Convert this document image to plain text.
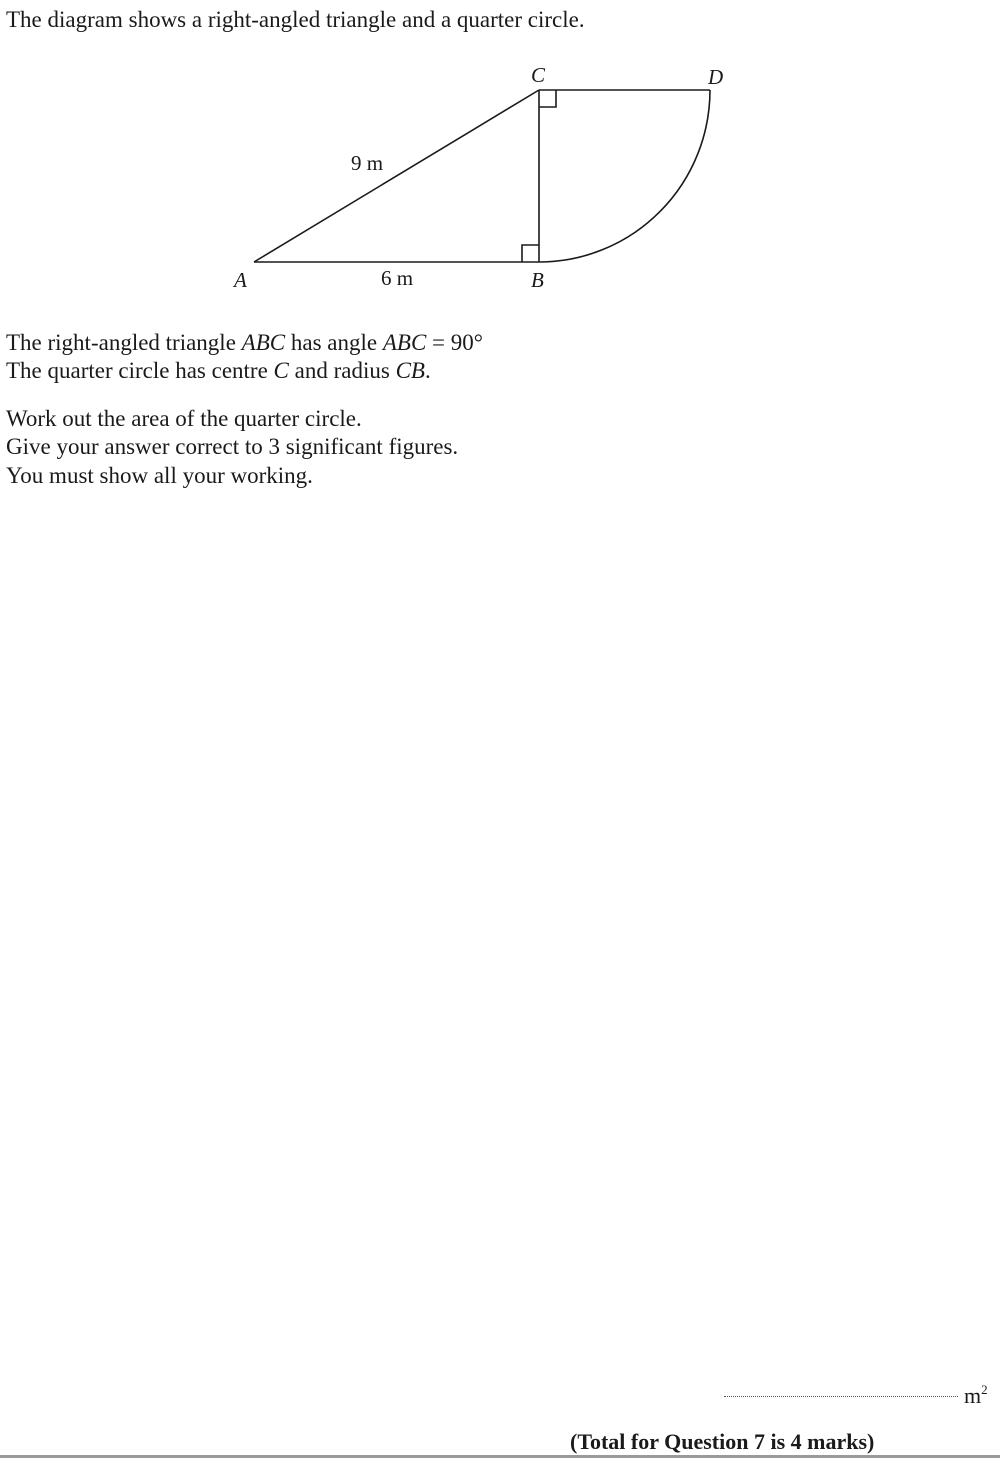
The diagram shows a right-angled triangle and a quarter circle.
A	B
C	D
9 m
6 m
The right-angled triangle ABC has angle ABC = 90°
The quarter circle has centre C and radius CB.
Work out the area of the quarter circle.
Give your answer correct to 3 significant figures.
You must show all your working.
$m^2$
(Total for Question 7 is 4 marks)
